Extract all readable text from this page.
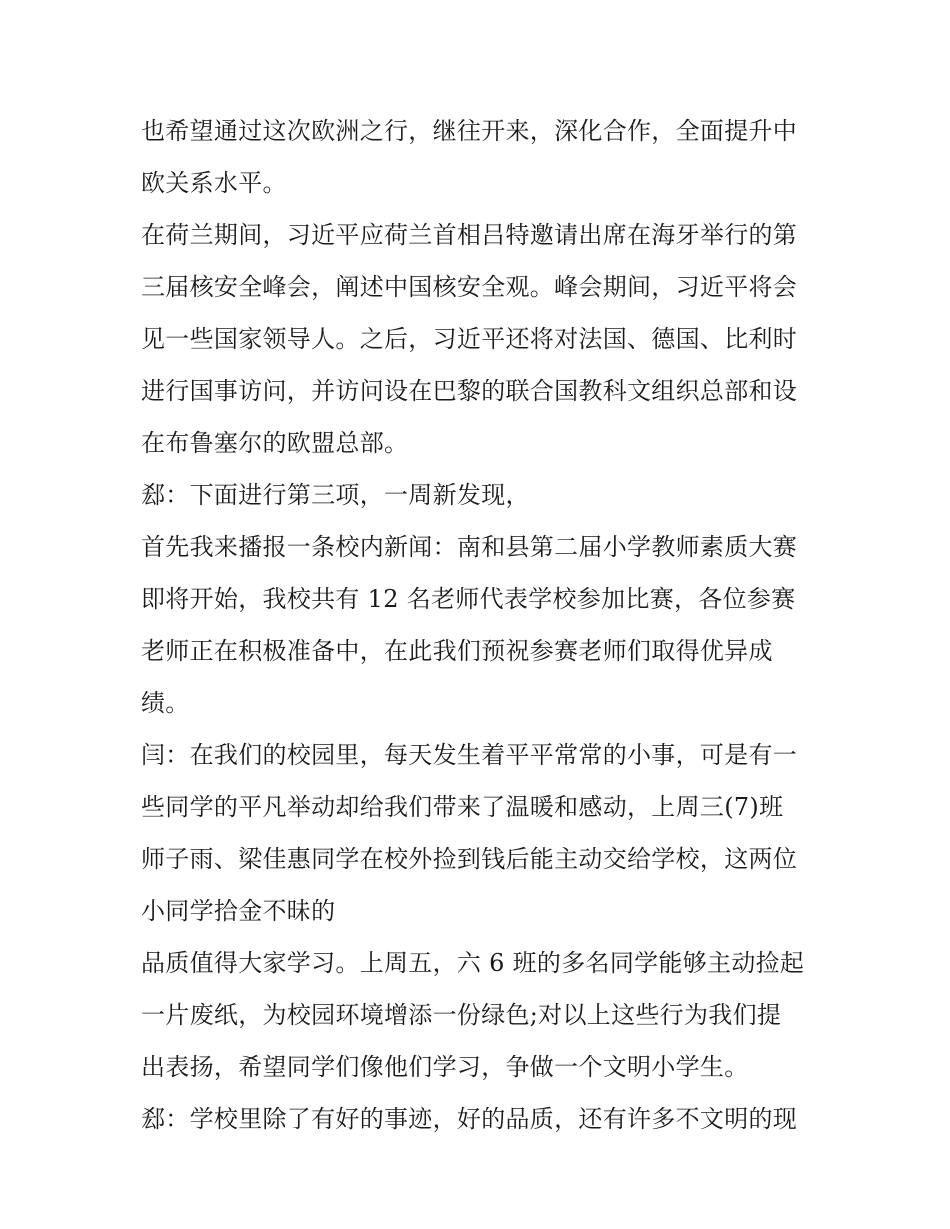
也希望通过这次欧洲之行，继往开来，深化合作，全面提升中
欧关系水平。
在荷兰期间，习近平应荷兰首相吕特邀请出席在海牙举行的第
三届核安全峰会，阐述中国核安全观。峰会期间，习近平将会
见一些国家领导人。之后，习近平还将对法国、德国、比利时
进行国事访问，并访问设在巴黎的联合国教科文组织总部和设
在布鲁塞尔的欧盟总部。
郄：下面进行第三项，一周新发现，
首先我来播报一条校内新闻：南和县第二届小学教师素质大赛
即将开始，我校共有 12 名老师代表学校参加比赛，各位参赛
老师正在积极准备中，在此我们预祝参赛老师们取得优异成
绩。
闫：在我们的校园里，每天发生着平平常常的小事，可是有一
些同学的平凡举动却给我们带来了温暖和感动，上周三(7)班
师子雨、梁佳惠同学在校外捡到钱后能主动交给学校，这两位
小同学拾金不昧的
品质值得大家学习。上周五，六 6 班的多名同学能够主动捡起
一片废纸，为校园环境增添一份绿色;对以上这些行为我们提
出表扬，希望同学们像他们学习，争做一个文明小学生。
郄：学校里除了有好的事迹，好的品质，还有许多不文明的现
